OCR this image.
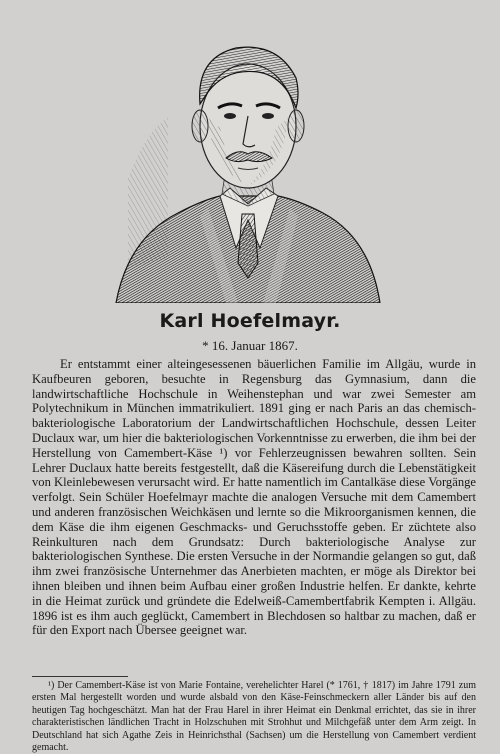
Karl Hoefelmayr.
* 16. Januar 1867.

Er entstammt einer alteingesessenen bäuerlichen Familie im Allgäu, wurde in Kaufbeuren geboren, besuchte in Regensburg das Gymnasium, dann die landwirtschaftliche Hochschule in Weihenstephan und war zwei Semester am Polytechnikum in München immatrikuliert. 1891 ging er nach Paris an das chemisch-bakteriologische Laboratorium der Landwirtschaftlichen Hochschule, dessen Leiter Duclaux war, um hier die bakteriologischen Vorkenntnisse zu erwerben, die ihm bei der Herstellung von Camembert-Käse ¹) vor Fehlerzeugnissen bewahren sollten. Sein Lehrer Duclaux hatte bereits festgestellt, daß die Käsereifung durch die Lebenstätigkeit von Kleinlebewesen verursacht wird. Er hatte namentlich im Cantalkäse diese Vorgänge verfolgt. Sein Schüler Hoefelmayr machte die analogen Versuche mit dem Camembert und anderen französischen Weichkäsen und lernte so die Mikroorganismen kennen, die dem Käse die ihm eigenen Geschmacks- und Geruchsstoffe geben. Er züchtete also Reinkulturen nach dem Grundsatz: Durch bakteriologische Analyse zur bakteriologischen Synthese. Die ersten Versuche in der Normandie gelangen so gut, daß ihm zwei französische Unternehmer das Anerbieten machten, er möge als Direktor bei ihnen bleiben und ihnen beim Aufbau einer großen Industrie helfen. Er dankte, kehrte in die Heimat zurück und gründete die Edelweiß-Camembertfabrik Kempten i. Allgäu. 1896 ist es ihm auch geglückt, Camembert in Blechdosen so haltbar zu machen, daß er für den Export nach Übersee geeignet war.

¹) Der Camembert-Käse ist von Marie Fontaine, verehelichter Harel (* 1761, † 1817) im Jahre 1791 zum ersten Mal hergestellt worden und wurde alsbald von den Käse-Feinschmeckern aller Länder bis auf den heutigen Tag hochgeschätzt. Man hat der Frau Harel in ihrer Heimat ein Denkmal errichtet, das sie in ihrer charakteristischen ländlichen Tracht in Holzschuhen mit Strohhut und Milchgefäß unter dem Arm zeigt. In Deutschland hat sich Agathe Zeis in Heinrichsthal (Sachsen) um die Herstellung von Camembert verdient gemacht.
